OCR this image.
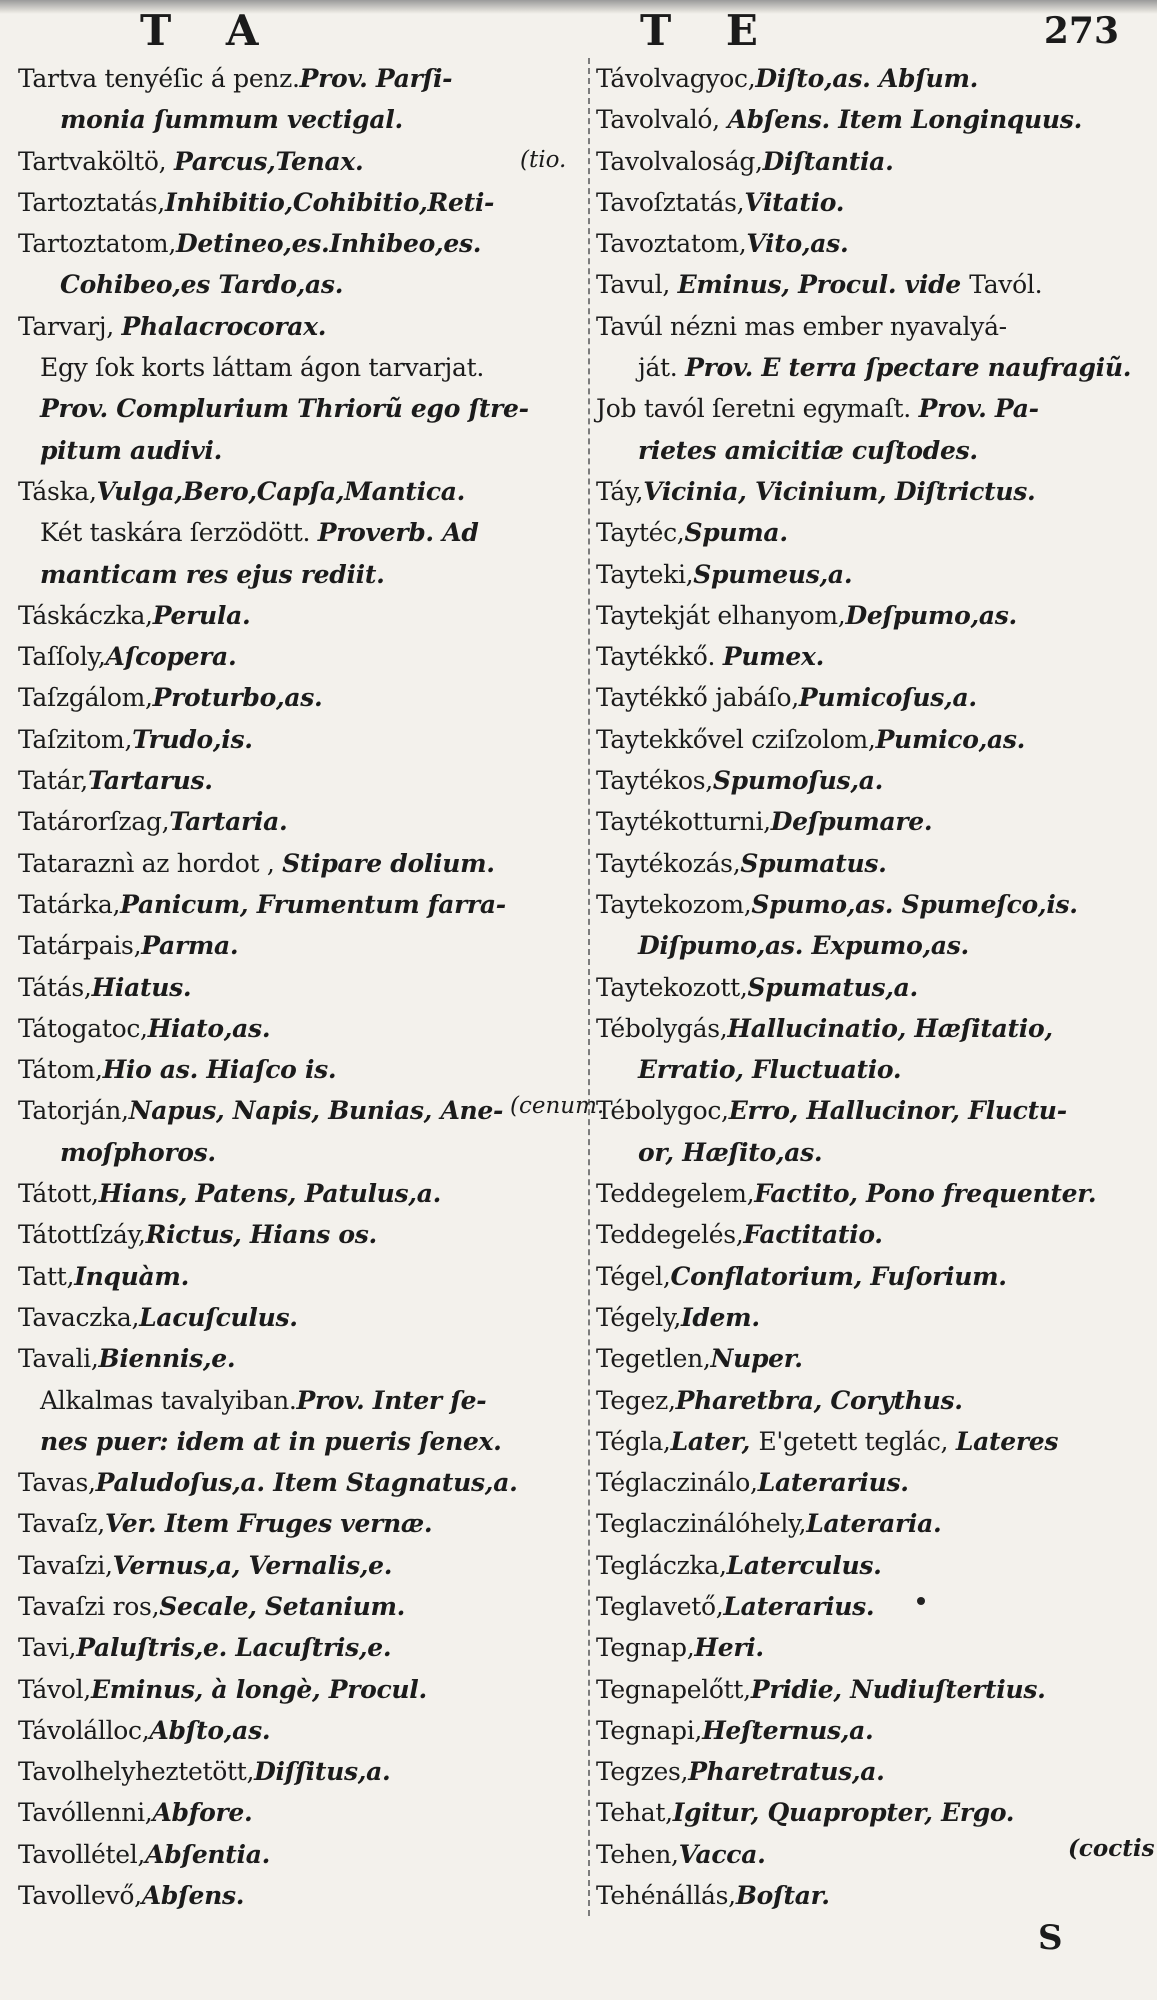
T A	T E	273
Tartva tenyéſic á penz.Prov. Parſi-
monia ſummum vectigal.
Tartvaköltö, Parcus,Tenax.
Tartoztatás,Inhibitio,Cohibitio,Reti-
Tartoztatom,Detineo,es.Inhibeo,es.
Cohibeo,es Tardo,as.
Tarvarj, Phalacrocorax.
Egy ſok korts láttam ágon tarvarjat.
Prov. Complurium Thriorũ ego ſtre-
pitum audivi.
Táska,Vulga,Bero,Capſa,Mantica.
Két taskára ſerzödött. Proverb. Ad
manticam res ejus rediit.
Táskáczka,Perula.
Taſſoly,Aſcopera.
Taſzgálom,Proturbo,as.
Taſzitom,Trudo,is.
Tatár,Tartarus.
Tatárorſzag,Tartaria.
Tataraznì az hordot , Stipare dolium.
Tatárka,Panicum, Frumentum farra-
Tatárpais,Parma.
Tátás,Hiatus.
Tátogatoc,Hiato,as.
Tátom,Hio as. Hiaſco is.
Tatorján,Napus, Napis, Bunias, Ane-
moſphoros.
Tátott,Hians, Patens, Patulus,a.
Tátottſzáy,Rictus, Hians os.
Tatt,Inquàm.
Tavaczka,Lacuſculus.
Tavali,Biennis,e.
Alkalmas tavalyiban.Prov. Inter ſe-
nes puer: idem at in pueris ſenex.
Tavas,Paludoſus,a. Item Stagnatus,a.
Tavaſz,Ver. Item Fruges vernæ.
Tavaſzi,Vernus,a, Vernalis,e.
Tavaſzi ros,Secale, Setanium.
Tavi,Paluſtris,e. Lacuſtris,e.
Távol,Eminus, à longè, Procul.
Távolálloc,Abſto,as.
Tavolhelyheztetött,Diſſitus,a.
Tavóllenni,Abfore.
Tavollétel,Abſentia.
Tavollevő,Abſens.
Távolvagyoc,Diſto,as. Abſum.
Tavolvaló, Abſens. Item Longinquus.
Tavolvaloság,Diſtantia.
Tavoſztatás,Vitatio.
Tavoztatom,Vito,as.
Tavul, Eminus, Procul. vide Tavól.
Tavúl nézni mas ember nyavalyá-
ját. Prov. E terra ſpectare naufragiũ.
Job tavól ſeretni egymaſt. Prov. Pa-
rietes amicitiæ cuſtodes.
Táy,Vicinia, Vicinium, Diſtrictus.
Taytéc,Spuma.
Tayteki,Spumeus,a.
Taytekját elhanyom,Deſpumo,as.
Taytékkő. Pumex.
Taytékkő jabáſo,Pumicoſus,a.
Taytekkővel cziſzolom,Pumico,as.
Taytékos,Spumoſus,a.
Taytékotturni,Deſpumare.
Taytékozás,Spumatus.
Taytekozom,Spumo,as. Spumeſco,is.
Diſpumo,as. Expumo,as.
Taytekozott,Spumatus,a.
Tébolygás,Hallucinatio, Hæſitatio,
Erratio, Fluctuatio.
Tébolygoc,Erro, Hallucinor, Fluctu-
or, Hæſito,as.
Teddegelem,Factito, Pono frequenter.
Teddegelés,Factitatio.
Tégel,Conflatorium, Fuſorium.
Tégely,Idem.
Tegetlen,Nuper.
Tegez,Pharetbra, Corythus.
Tégla,Later, E'getett teglác, Lateres
Téglaczinálo,Laterarius.
Teglaczinálóhely,Lateraria.
Tegláczka,Laterculus.
Teglavető,Laterarius.
Tegnap,Heri.
Tegnapelőtt,Pridie, Nudiuſtertius.
Tegnapi,Heſternus,a.
Tegzes,Pharetratus,a.
Tehat,Igitur, Quapropter, Ergo.
Tehen,Vacca.
Tehénállás,Boſtar.
(tio.
(cenum.
(coctis
S
